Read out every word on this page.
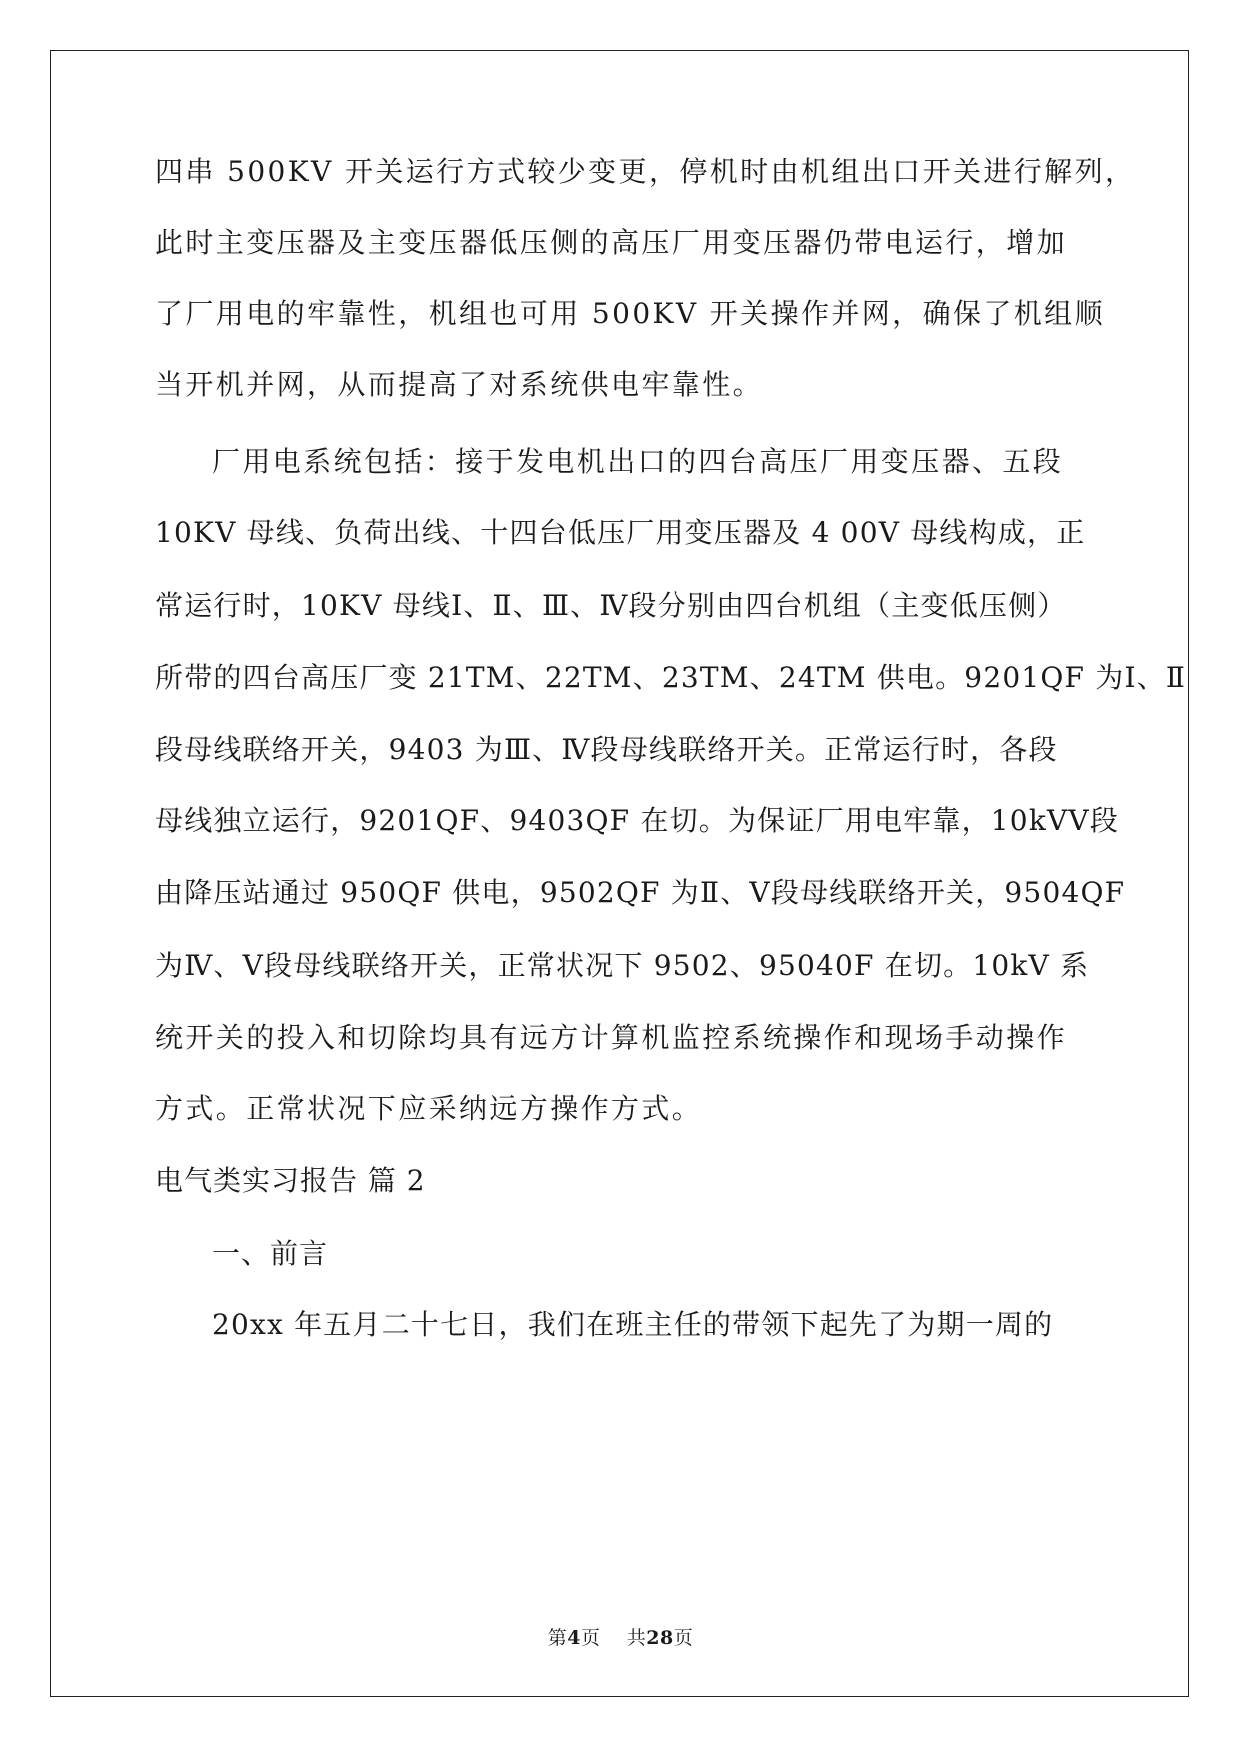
四串 500KV 开关运行方式较少变更，停机时由机组出口开关进行解列，
此时主变压器及主变压器低压侧的高压厂用变压器仍带电运行，增加
了厂用电的牢靠性，机组也可用 500KV 开关操作并网，确保了机组顺
当开机并网，从而提高了对系统供电牢靠性。
厂用电系统包括：接于发电机出口的四台高压厂用变压器、五段
10KV 母线、负荷出线、十四台低压厂用变压器及 4 00V 母线构成，正
常运行时，10KV 母线Ⅰ、Ⅱ、Ⅲ、Ⅳ段分别由四台机组（主变低压侧）
所带的四台高压厂变 21TM、22TM、23TM、24TM 供电。9201QF 为Ⅰ、Ⅱ
段母线联络开关，9403 为Ⅲ、Ⅳ段母线联络开关。正常运行时，各段
母线独立运行，9201QF、9403QF 在切。为保证厂用电牢靠，10kVⅤ段
由降压站通过 950QF 供电，9502QF 为Ⅱ、Ⅴ段母线联络开关，9504QF
为Ⅳ、Ⅴ段母线联络开关，正常状况下 9502、95040F 在切。10kV 系
统开关的投入和切除均具有远方计算机监控系统操作和现场手动操作
方式。正常状况下应采纳远方操作方式。
电气类实习报告 篇 2
一、前言
20xx 年五月二十七日，我们在班主任的带领下起先了为期一周的
第4页 共28页
